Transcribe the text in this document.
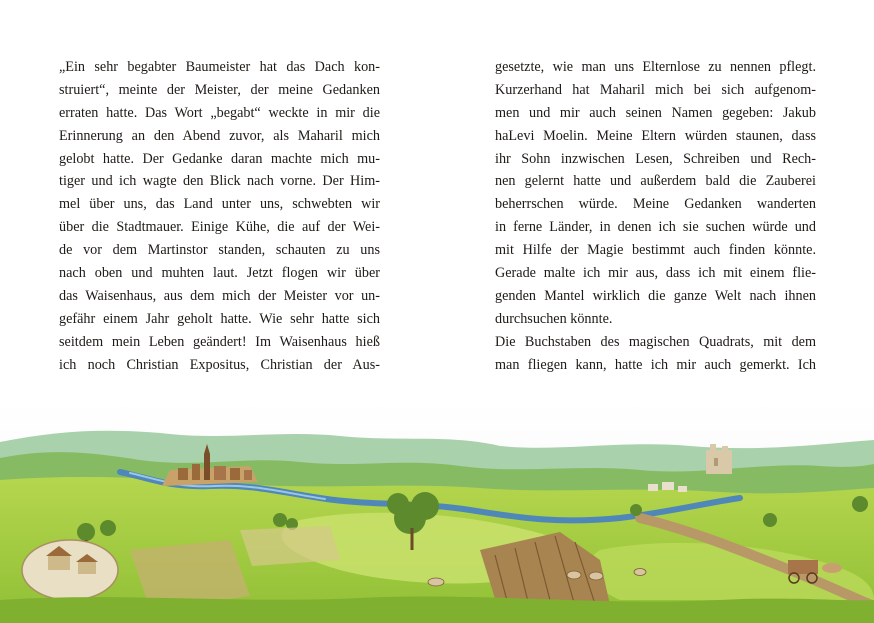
„Ein sehr begabter Baumeister hat das Dach kon-
struiert“, meinte der Meister, der meine Gedanken
erraten hatte. Das Wort „begabt“ weckte in mir die
Erinnerung an den Abend zuvor, als Maharil mich
gelobt hatte. Der Gedanke daran machte mich mu-
tiger und ich wagte den Blick nach vorne. Der Him-
mel über uns, das Land unter uns, schwebten wir
über die Stadtmauer. Einige Kühe, die auf der Wei-
de vor dem Martinstor standen, schauten zu uns
nach oben und muhten laut. Jetzt flogen wir über
das Waisenhaus, aus dem mich der Meister vor un-
gefähr einem Jahr geholt hatte. Wie sehr hatte sich
seitdem mein Leben geändert! Im Waisenhaus hieß
ich noch Christian Expositus, Christian der Aus-
gesetzte, wie man uns Elternlose zu nennen pflegt.
Kurzerhand hat Maharil mich bei sich aufgenom-
men und mir auch seinen Namen gegeben: Jakub
haLevi Moelin. Meine Eltern würden staunen, dass
ihr Sohn inzwischen Lesen, Schreiben und Rech-
nen gelernt hatte und außerdem bald die Zauberei
beherrschen würde. Meine Gedanken wanderten
in ferne Länder, in denen ich sie suchen würde und
mit Hilfe der Magie bestimmt auch finden könnte.
Gerade malte ich mir aus, dass ich mit einem flie-
genden Mantel wirklich die ganze Welt nach ihnen
durchsuchen könnte.
Die Buchstaben des magischen Quadrats, mit dem
man fliegen kann, hatte ich mir auch gemerkt. Ich
